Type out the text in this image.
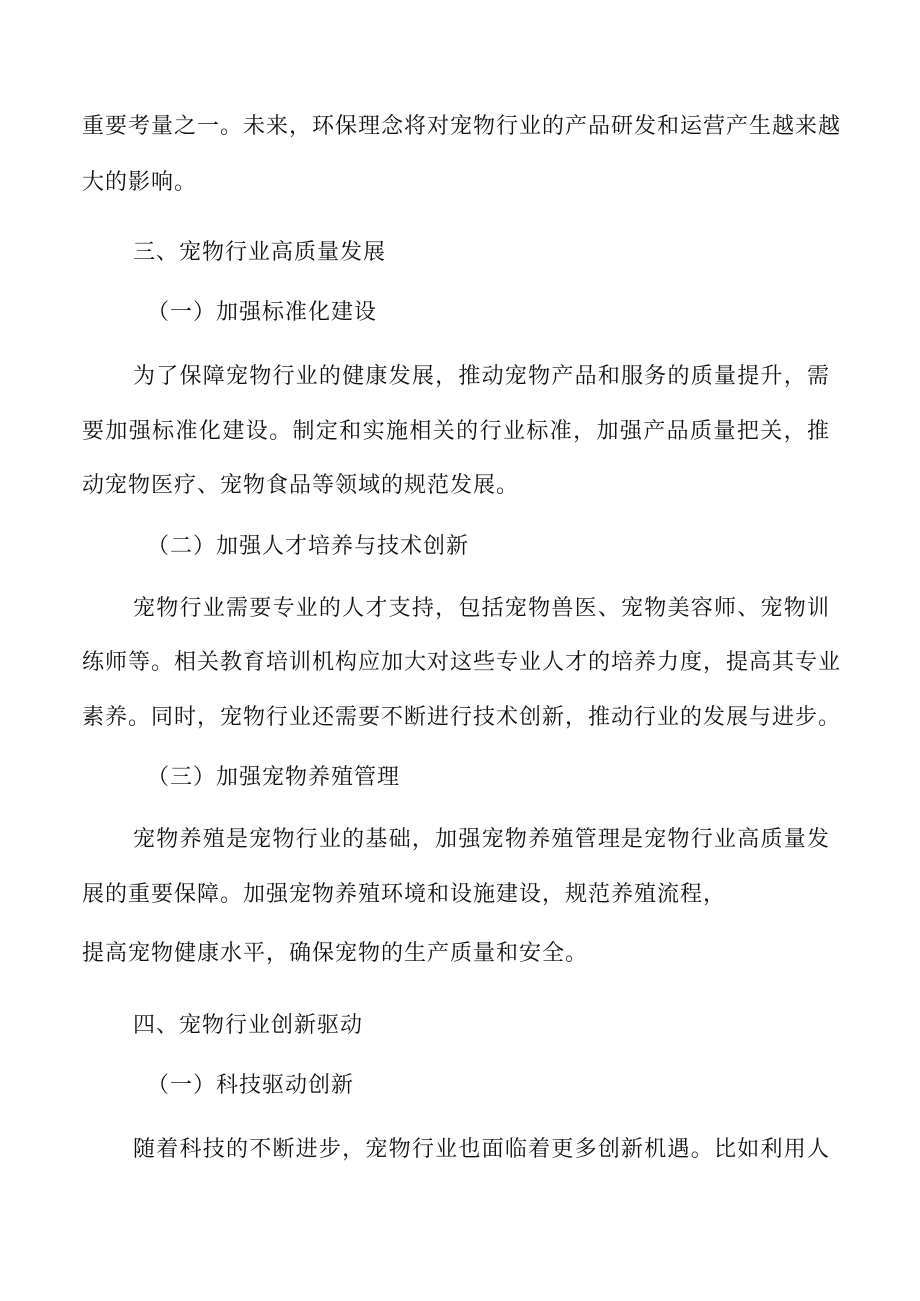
重要考量之一。未来，环保理念将对宠物行业的产品研发和运营产生越来越
大的影响。
三、宠物行业高质量发展
（一）加强标准化建设
为了保障宠物行业的健康发展，推动宠物产品和服务的质量提升，需
要加强标准化建设。制定和实施相关的行业标准，加强产品质量把关，推
动宠物医疗、宠物食品等领域的规范发展。
（二）加强人才培养与技术创新
宠物行业需要专业的人才支持，包括宠物兽医、宠物美容师、宠物训
练师等。相关教育培训机构应加大对这些专业人才的培养力度，提高其专业
素养。同时，宠物行业还需要不断进行技术创新，推动行业的发展与进步。
（三）加强宠物养殖管理
宠物养殖是宠物行业的基础，加强宠物养殖管理是宠物行业高质量发
展的重要保障。加强宠物养殖环境和设施建设，规范养殖流程，
提高宠物健康水平，确保宠物的生产质量和安全。
四、宠物行业创新驱动
（一）科技驱动创新
随着科技的不断进步，宠物行业也面临着更多创新机遇。比如利用人
